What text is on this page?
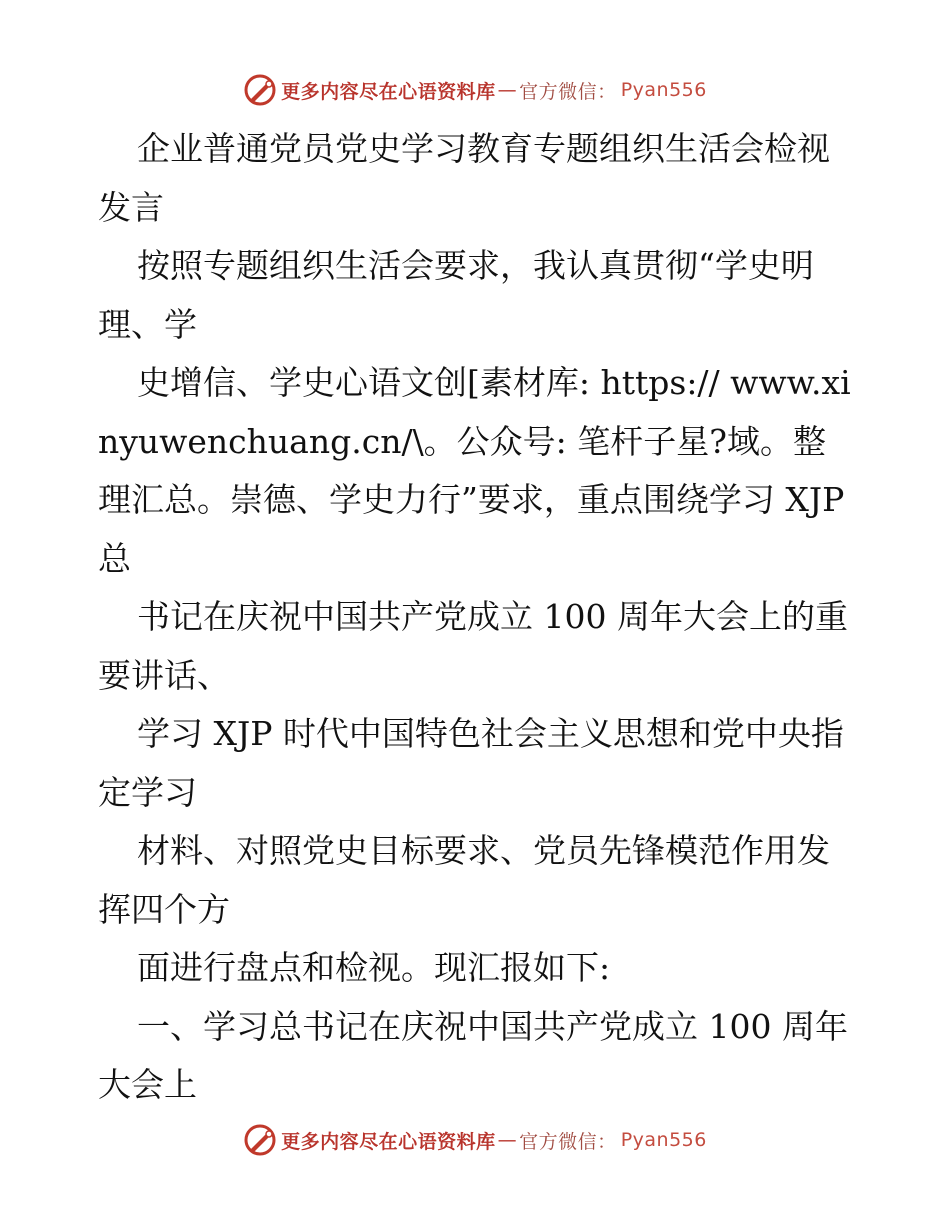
更多内容尽在心语资料库 — 官方微信： Pyan556

企业普通党员党史学习教育专题组织生活会检视发言

按照专题组织生活会要求，我认真贯彻“学史明理、学

史增信、学史心语文创[素材库: https:// www.xinyuwenchuang.cn/\。公众号: 笔杆子星?域。整理汇总。崇德、学史力行”要求，重点围绕学习 XJP 总

书记在庆祝中国共产党成立 100 周年大会上的重要讲话、

学习 XJP 时代中国特色社会主义思想和党中央指定学习

材料、对照党史目标要求、党员先锋模范作用发挥四个方

面进行盘点和检视。现汇报如下:

一、学习总书记在庆祝中国共产党成立 100 周年大会上

更多内容尽在心语资料库 — 官方微信： Pyan556
